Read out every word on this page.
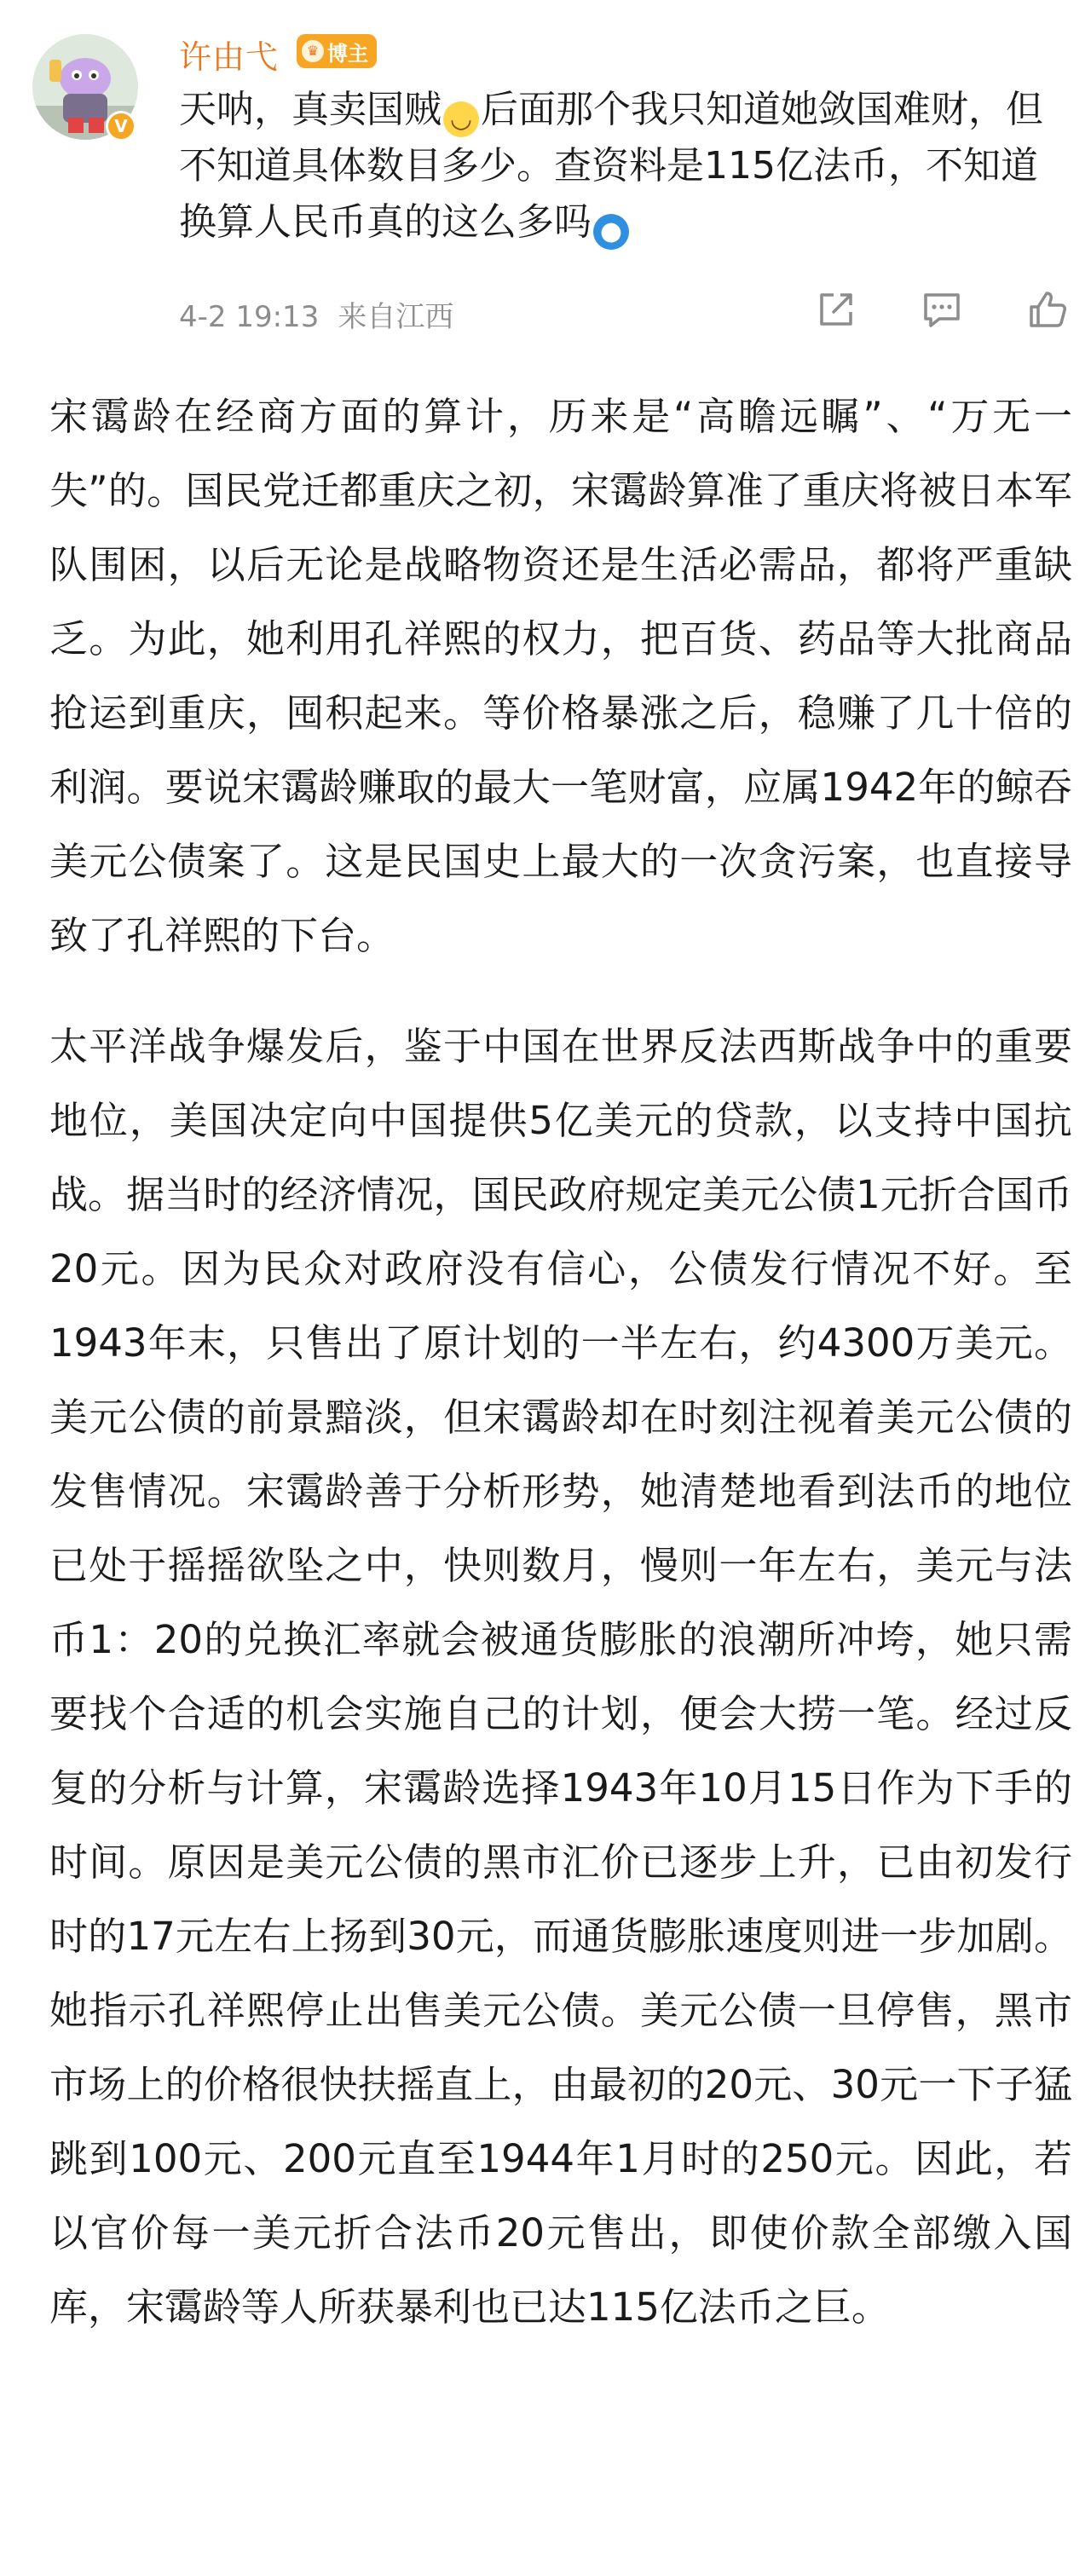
V
许由弋	♛ 博主
天呐，真卖国贼 ◡ 后面那个我只知道她敛国难财，但不知道具体数目多少。查资料是115亿法币，不知道换算人民币真的这么多吗 ●
4-2 19:13 来自江西

宋霭龄在经商方面的算计，历来是“高瞻远瞩”、“万无一失”的。国民党迁都重庆之初，宋霭龄算准了重庆将被日本军队围困，以后无论是战略物资还是生活必需品，都将严重缺乏。为此，她利用孔祥熙的权力，把百货、药品等大批商品抢运到重庆，囤积起来。等价格暴涨之后，稳赚了几十倍的利润。要说宋霭龄赚取的最大一笔财富，应属1942年的鲸吞美元公债案了。这是民国史上最大的一次贪污案，也直接导致了孔祥熙的下台。

太平洋战争爆发后，鉴于中国在世界反法西斯战争中的重要地位，美国决定向中国提供5亿美元的贷款，以支持中国抗战。据当时的经济情况，国民政府规定美元公债1元折合国币20元。因为民众对政府没有信心，公债发行情况不好。至1943年末，只售出了原计划的一半左右，约4300万美元。美元公债的前景黯淡，但宋霭龄却在时刻注视着美元公债的发售情况。宋霭龄善于分析形势，她清楚地看到法币的地位已处于摇摇欲坠之中，快则数月，慢则一年左右，美元与法币1：20的兑换汇率就会被通货膨胀的浪潮所冲垮，她只需要找个合适的机会实施自己的计划，便会大捞一笔。经过反复的分析与计算，宋霭龄选择1943年10月15日作为下手的时间。原因是美元公债的黑市汇价已逐步上升，已由初发行时的17元左右上扬到30元，而通货膨胀速度则进一步加剧。她指示孔祥熙停止出售美元公债。美元公债一旦停售，黑市市场上的价格很快扶摇直上，由最初的20元、30元一下子猛跳到100元、200元直至1944年1月时的250元。因此，若以官价每一美元折合法币20元售出，即使价款全部缴入国库，宋霭龄等人所获暴利也已达115亿法币之巨。
